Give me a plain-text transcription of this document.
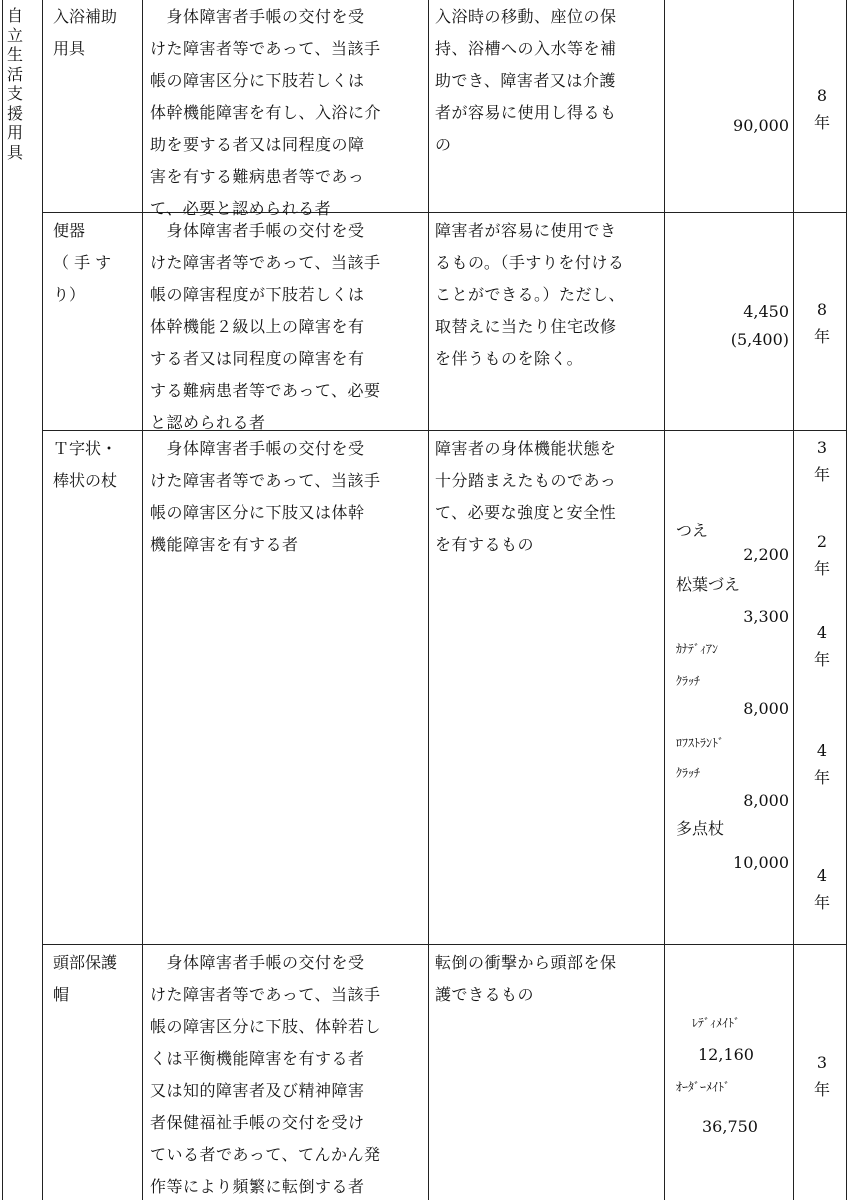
自立生活支援用具
入浴補助
用具
　身体障害者手帳の交付を受
けた障害者等であって、当該手
帳の障害区分に下肢若しくは
体幹機能障害を有し、入浴に介
助を要する者又は同程度の障
害を有する難病患者等であっ
て、必要と認められる者
入浴時の移動、座位の保
持、浴槽への入水等を補
助でき、障害者又は介護
者が容易に使用し得るも
の
90,000
8
年
便器
（ 手 す
り）
　身体障害者手帳の交付を受
けた障害者等であって、当該手
帳の障害程度が下肢若しくは
体幹機能２級以上の障害を有
する者又は同程度の障害を有
する難病患者等であって、必要
と認められる者
障害者が容易に使用でき
るもの。（手すりを付ける
ことができる。）ただし、
取替えに当たり住宅改修
を伴うものを除く。
4,450
(5,400)
8
年
Ｔ字状・
棒状の杖
　身体障害者手帳の交付を受
けた障害者等であって、当該手
帳の障害区分に下肢又は体幹
機能障害を有する者
障害者の身体機能状態を
十分踏まえたものであっ
て、必要な強度と安全性
を有するもの
つえ
2,200
松葉づえ
3,300
ｶﾅﾃﾞｨｱﾝ
ｸﾗｯﾁ
8,000
ﾛﾌｽﾄﾗﾝﾄﾞ
ｸﾗｯﾁ
8,000
多点杖
10,000
3
年
2
年
4
年
4
年
4
年
頭部保護
帽
　身体障害者手帳の交付を受
けた障害者等であって、当該手
帳の障害区分に下肢、体幹若し
くは平衡機能障害を有する者
又は知的障害者及び精神障害
者保健福祉手帳の交付を受け
ている者であって、てんかん発
作等により頻繁に転倒する者
転倒の衝撃から頭部を保
護できるもの
ﾚﾃﾞｨﾒｲﾄﾞ
12,160
ｵｰﾀﾞｰﾒｲﾄﾞ
36,750
3
年
